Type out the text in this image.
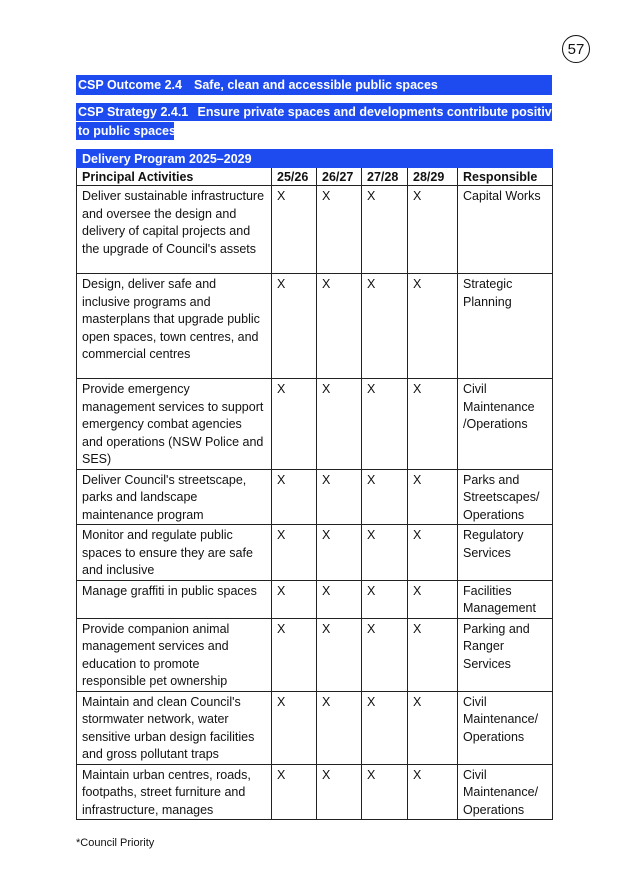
57
CSP Outcome 2.4 Safe, clean and accessible public spaces
CSP Strategy 2.4.1 Ensure private spaces and developments contribute positively
to public spaces
Delivery Program 2025–2029					
Principal Activities	25/26	26/27	27/28	28/29	Responsible
Deliver sustainable infrastructure and oversee the design and delivery of capital projects and the upgrade of Council's assets	X	X	X	X	Capital Works
Design, deliver safe and inclusive programs and masterplans that upgrade public open spaces, town centres, and commercial centres	X	X	X	X	Strategic Planning
Provide emergency management services to support emergency combat agencies and operations (NSW Police and SES)	X	X	X	X	Civil Maintenance /Operations
Deliver Council's streetscape, parks and landscape maintenance program	X	X	X	X	Parks and Streetscapes/ Operations
Monitor and regulate public spaces to ensure they are safe and inclusive	X	X	X	X	Regulatory Services
Manage graffiti in public spaces	X	X	X	X	Facilities Management
Provide companion animal management services and education to promote responsible pet ownership	X	X	X	X	Parking and Ranger Services
Maintain and clean Council's stormwater network, water sensitive urban design facilities and gross pollutant traps	X	X	X	X	Civil Maintenance/ Operations
Maintain urban centres, roads, footpaths, street furniture and infrastructure, manages	X	X	X	X	Civil Maintenance/ Operations
*Council Priority
